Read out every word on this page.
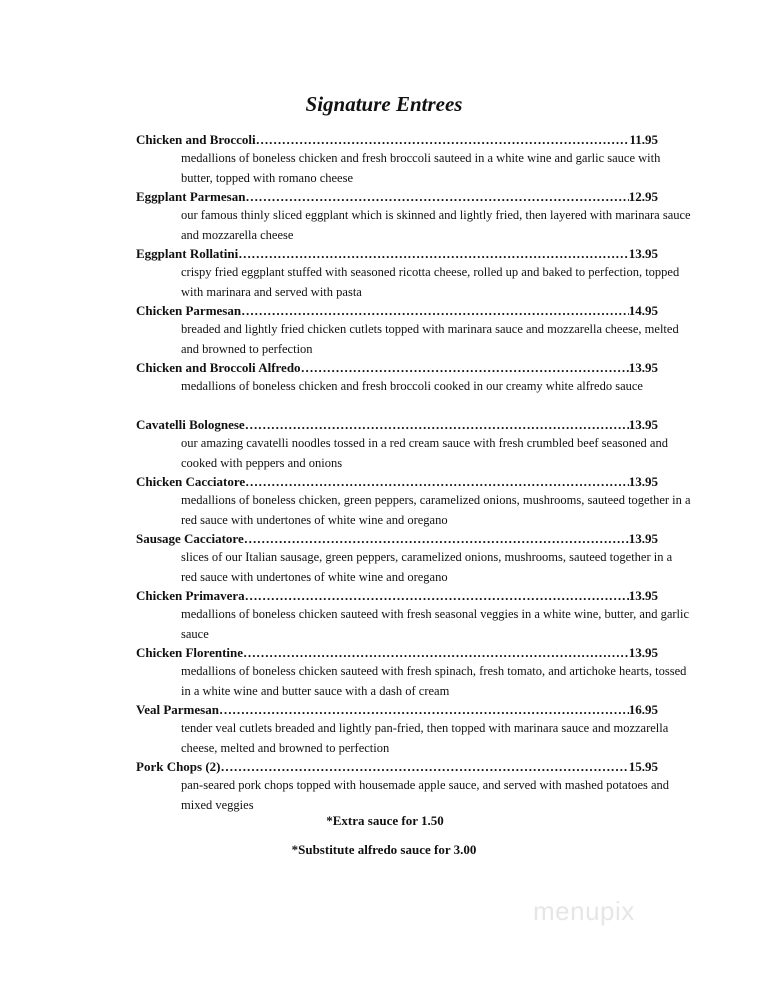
Signature Entrees
Chicken and Broccoli ……………………………………………………………………………………………………………………………………………………	11.95
medallions of boneless chicken and fresh broccoli sauteed in a white wine and garlic sauce with butter, topped with romano cheese
Eggplant Parmesan ……………………………………………………………………………………………………………………………………………………	12.95
our famous thinly sliced eggplant which is skinned and lightly fried, then layered with marinara sauce and mozzarella cheese
Eggplant Rollatini ……………………………………………………………………………………………………………………………………………………	13.95
crispy fried eggplant stuffed with seasoned ricotta cheese, rolled up and baked to perfection, topped with marinara and served with pasta
Chicken Parmesan ……………………………………………………………………………………………………………………………………………………	14.95
breaded and lightly fried chicken cutlets topped with marinara sauce and mozzarella cheese, melted and browned to perfection
Chicken and Broccoli Alfredo ……………………………………………………………………………………………………………………………………………………	13.95
medallions of boneless chicken and fresh broccoli cooked in our creamy white alfredo sauce
Cavatelli Bolognese ……………………………………………………………………………………………………………………………………………………	13.95
our amazing cavatelli noodles tossed in a red cream sauce with fresh crumbled beef seasoned and cooked with peppers and onions
Chicken Cacciatore ……………………………………………………………………………………………………………………………………………………	13.95
medallions of boneless chicken, green peppers, caramelized onions, mushrooms, sauteed together in a red sauce with undertones of white wine and oregano
Sausage Cacciatore ……………………………………………………………………………………………………………………………………………………	13.95
slices of our Italian sausage, green peppers, caramelized onions, mushrooms, sauteed together in a red sauce with undertones of white wine and oregano
Chicken Primavera ……………………………………………………………………………………………………………………………………………………	13.95
medallions of boneless chicken sauteed with fresh seasonal veggies in a white wine, butter, and garlic sauce
Chicken Florentine ……………………………………………………………………………………………………………………………………………………	13.95
medallions of boneless chicken sauteed with fresh spinach, fresh tomato, and artichoke hearts, tossed in a white wine and butter sauce with a dash of cream
Veal Parmesan ……………………………………………………………………………………………………………………………………………………	16.95
tender veal cutlets breaded and lightly pan-fried, then topped with marinara sauce and mozzarella cheese, melted and browned to perfection
Pork Chops (2) ……………………………………………………………………………………………………………………………………………………	15.95
pan-seared pork chops topped with housemade apple sauce, and served with mashed potatoes and mixed veggies
*Extra sauce for 1.50
*Substitute alfredo sauce for 3.00
menupix
